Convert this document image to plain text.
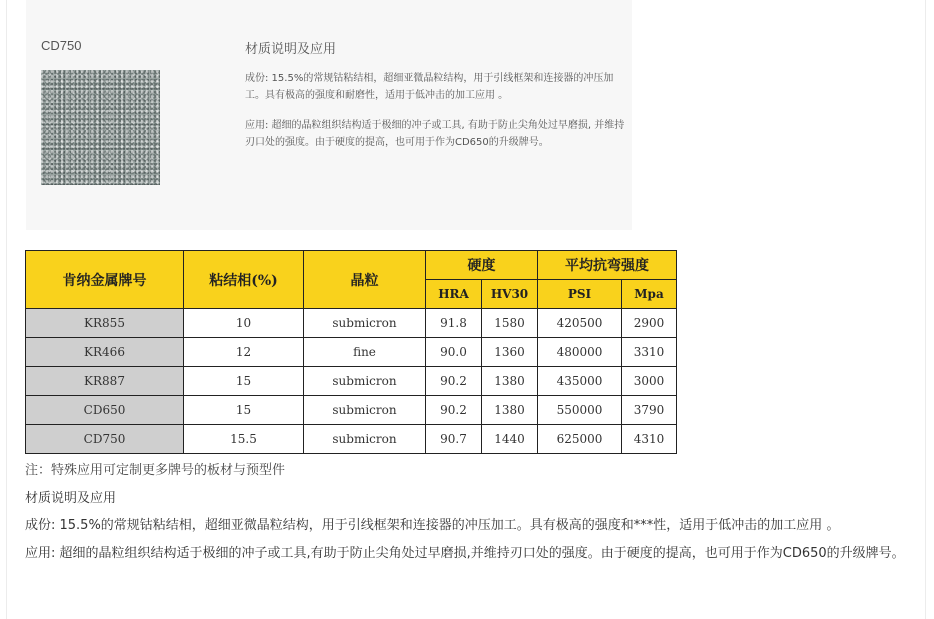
CD750	材质说明及应用
成份: 15.5%的常规钴粘结相，超细亚微晶粒结构，用于引线框架和连接器的冲压加工。具有极高的强度和耐磨性，适用于低冲击的加工应用 。
应用: 超细的晶粒组织结构适于极细的冲子或工具, 有助于防止尖角处过早磨损, 并维持刃口处的强度。由于硬度的提高，也可用于作为CD650的升级牌号。
肯纳金属牌号	粘结相(%)	晶粒	硬度		平均抗弯强度	
			HRA	HV30	PSI	Mpa
KR855	10	submicron	91.8	1580	420500	2900
KR466	12	fine	90.0	1360	480000	3310
KR887	15	submicron	90.2	1380	435000	3000
CD650	15	submicron	90.2	1380	550000	3790
CD750	15.5	submicron	90.7	1440	625000	4310
注：特殊应用可定制更多牌号的板材与预型件
材质说明及应用
成份: 15.5%的常规钴粘结相，超细亚微晶粒结构，用于引线框架和连接器的冲压加工。具有极高的强度和***性，适用于低冲击的加工应用 。
应用: 超细的晶粒组织结构适于极细的冲子或工具,有助于防止尖角处过早磨损,并维持刃口处的强度。由于硬度的提高，也可用于作为CD650的升级牌号。
